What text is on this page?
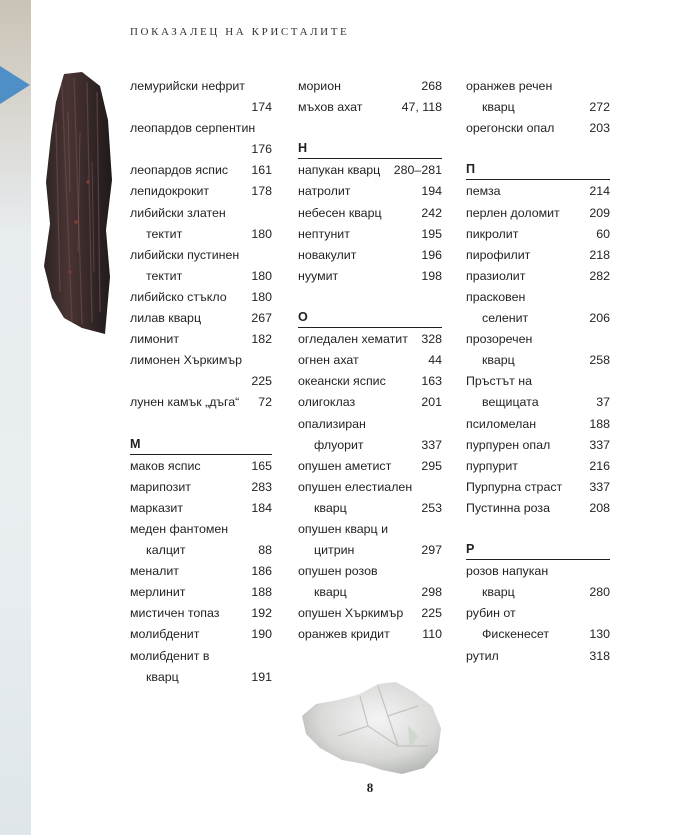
ПОКАЗАЛЕЦ НА КРИСТАЛИТЕ
лемурийски нефрит
174
леопардов серпентин
176
леопардов яспис 161
лепидокрокит	178
либийски златен
тектит	180
либийски пустинен
тектит	180
либийско стъкло 180
лилав кварц	267
лимонит	182
лимонен Хъркимър
225
лунен камък „дъга“ 72
М
маков яспис	165
марипозит	283
марказит	184
меден фантомен
калцит	88
меналит	186
мерлинит	188
мистичен топаз	192
молибденит	190
молибденит в
кварц	191
морион	268
мъхов ахат	47, 118
Н
напукан кварц 280–281
натролит	194
небесен кварц	242
нептунит	195
новакулит	196
нуумит	198
О
огледален хематит 328
огнен ахат	44
океански яспис	163
олигоклаз	201
опализиран
флуорит	337
опушен аметист 295
опушен елестиален
кварц	253
опушен кварц и
цитрин	297
опушен розов
кварц	298
опушен Хъркимър 225
оранжев кридит	110
оранжев речен
кварц	272
орегонски опал	203
П
пемза	214
перлен доломит 209
пикролит	60
пирофилит	218
празиолит	282
прасковен
селенит	206
прозоречен
кварц	258
Пръстът на
вещицата	37
псиломелан	188
пурпурен опал	337
пурпурит	216
Пурпурна страст 337
Пустинна роза	208
Р
розов напукан
кварц	280
рубин от
Фискенесет	130
рутил	318
8
